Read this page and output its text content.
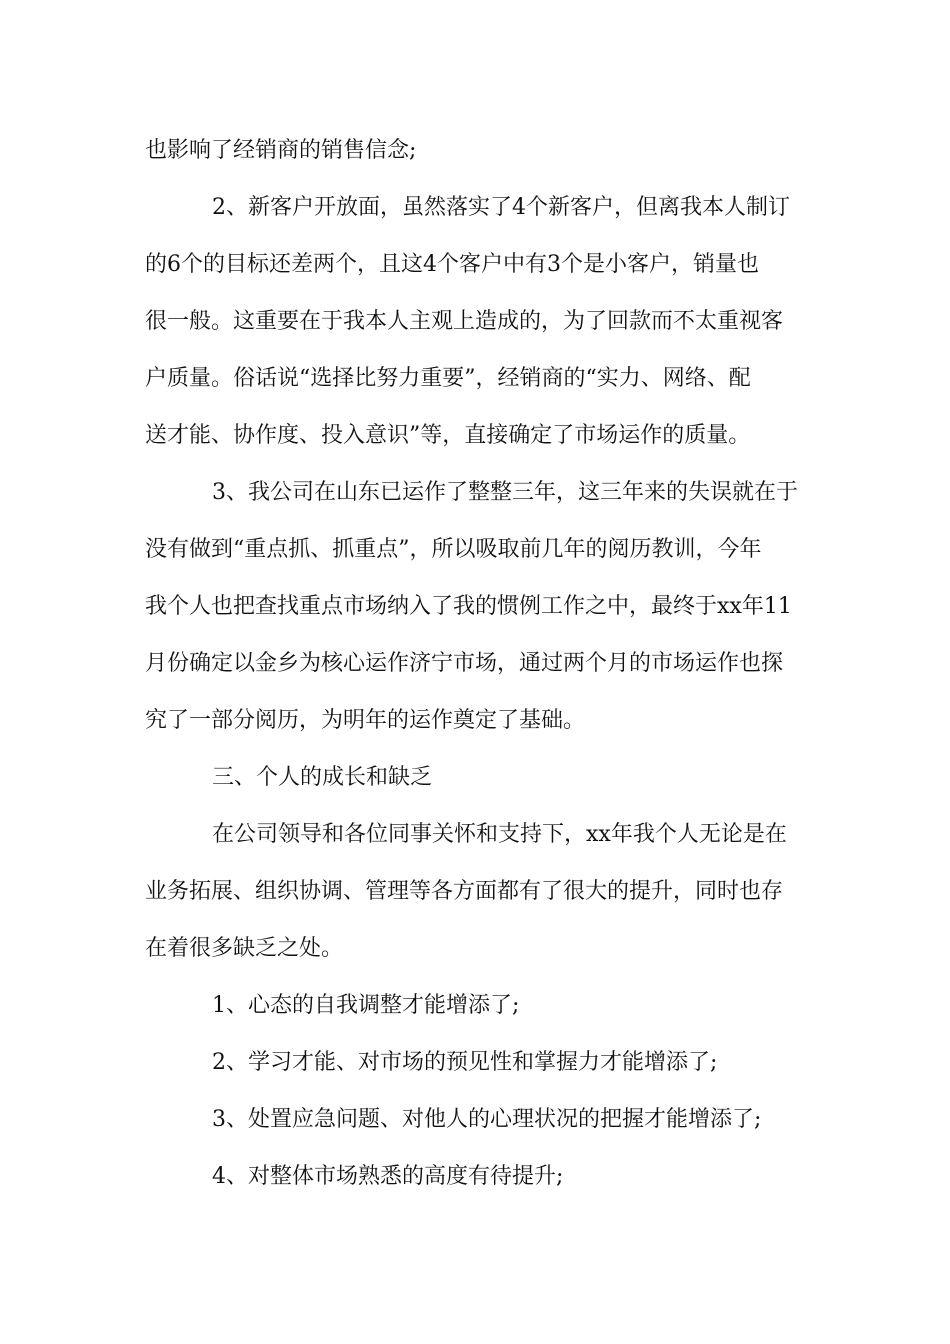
也影响了经销商的销售信念;
2、新客户开放面，虽然落实了4个新客户，但离我本人制订
的6个的目标还差两个，且这4个客户中有3个是小客户，销量也
很一般。这重要在于我本人主观上造成的，为了回款而不太重视客
户质量。俗话说“选择比努力重要”，经销商的“实力、网络、配
送才能、协作度、投入意识”等，直接确定了市场运作的质量。
3、我公司在山东已运作了整整三年，这三年来的失误就在于
没有做到“重点抓、抓重点”，所以吸取前几年的阅历教训，今年
我个人也把查找重点市场纳入了我的惯例工作之中，最终于xx年11
月份确定以金乡为核心运作济宁市场，通过两个月的市场运作也探
究了一部分阅历，为明年的运作奠定了基础。
三、个人的成长和缺乏
在公司领导和各位同事关怀和支持下，xx年我个人无论是在
业务拓展、组织协调、管理等各方面都有了很大的提升，同时也存
在着很多缺乏之处。
1、心态的自我调整才能增添了;
2、学习才能、对市场的预见性和掌握力才能增添了;
3、处置应急问题、对他人的心理状况的把握才能增添了;
4、对整体市场熟悉的高度有待提升;
